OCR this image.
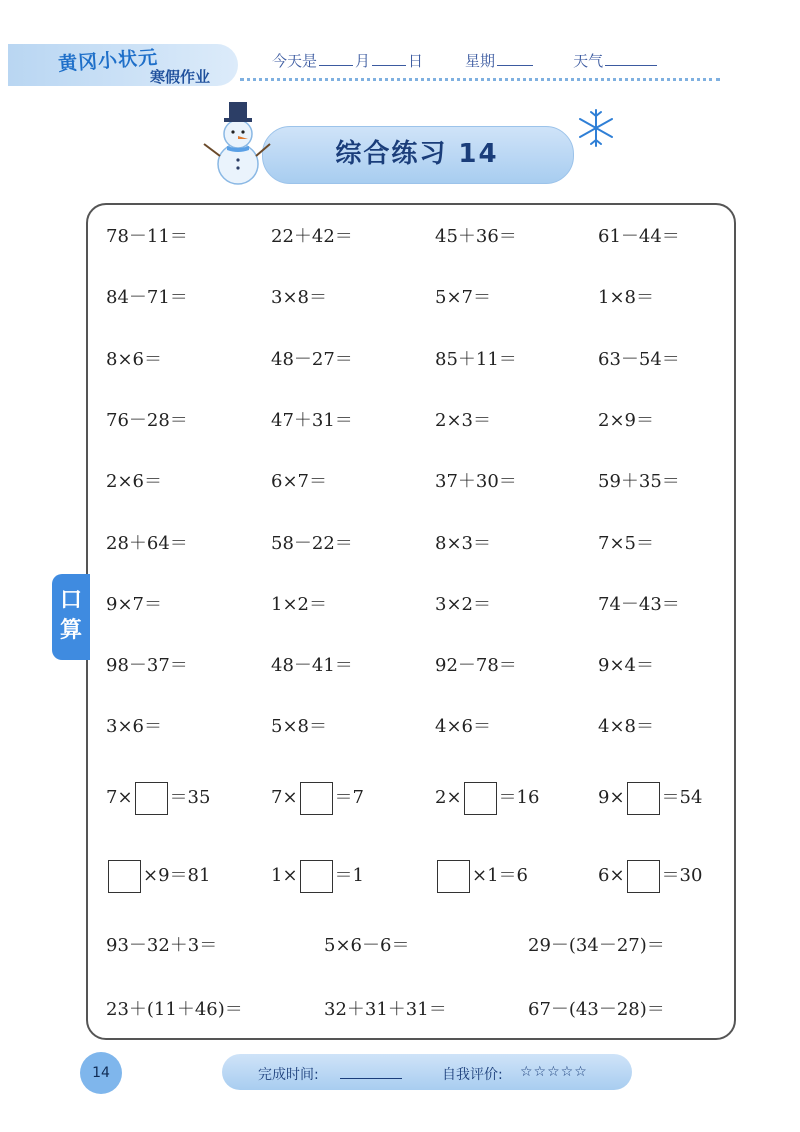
黄冈小状元
寒假作业
今天是	月	日	星期	天气
综合练习 14
口
算
78－11＝	22＋42＝	45＋36＝	61－44＝
84－71＝	3×8＝	5×7＝	1×8＝
8×6＝	48－27＝	85＋11＝	63－54＝
76－28＝	47＋31＝	2×3＝	2×9＝
2×6＝	6×7＝	37＋30＝	59＋35＝
28＋64＝	58－22＝	8×3＝	7×5＝
9×7＝	1×2＝	3×2＝	74－43＝
98－37＝	48－41＝	92－78＝	9×4＝
3×6＝	5×8＝	4×6＝	4×8＝
7× ＝35	7× ＝7	2× ＝16	9× ＝54
×9＝81	1× ＝1	×1＝6	6× ＝30
93－32＋3＝	5×6－6＝	29－(34－27)＝
23＋(11＋46)＝	32＋31＋31＝	67－(43－28)＝
14	完成时间:	自我评价: ☆☆☆☆☆
